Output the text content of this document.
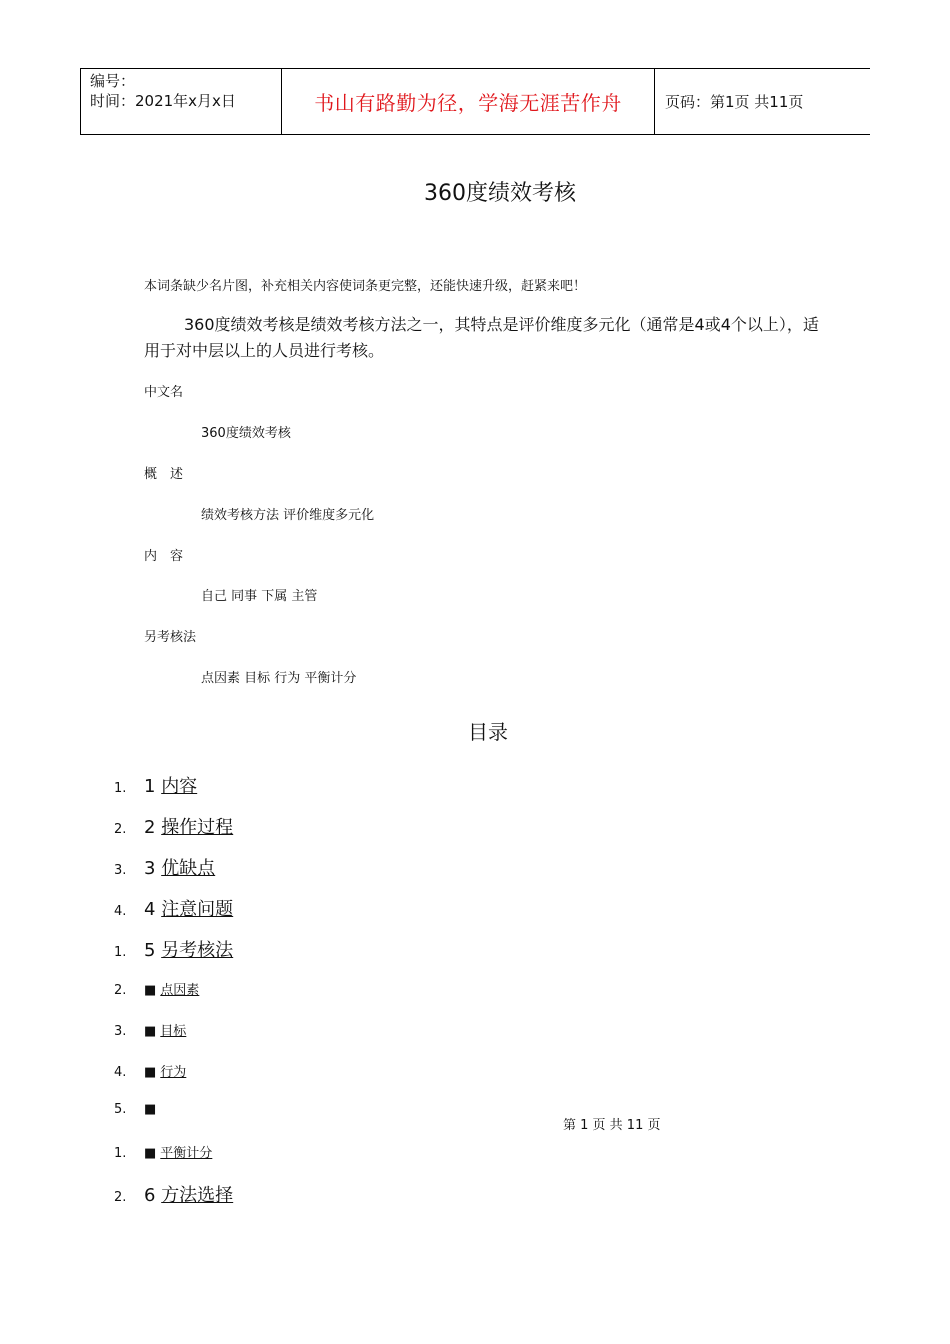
编号：
时间：2021年x月x日	书山有路勤为径，学海无涯苦作舟	页码：第1页 共11页
360度绩效考核
本词条缺少名片图，补充相关内容使词条更完整，还能快速升级，赶紧来吧！
360度绩效考核是绩效考核方法之一，其特点是评价维度多元化（通常是4或4个以上），适用于对中层以上的人员进行考核。
中文名
360度绩效考核
概　述
绩效考核方法 评价维度多元化
内　容
自己 同事 下属 主管
另考核法
点因素 目标 行为 平衡计分
目录
1. 1 内容
2. 2 操作过程
3. 3 优缺点
4. 4 注意问题
1. 5 另考核法
2.	■ 点因素
3.	■ 目标
4.	■ 行为
5.	■
1.	■ 平衡计分
2. 6 方法选择
第 1 页 共 11 页
